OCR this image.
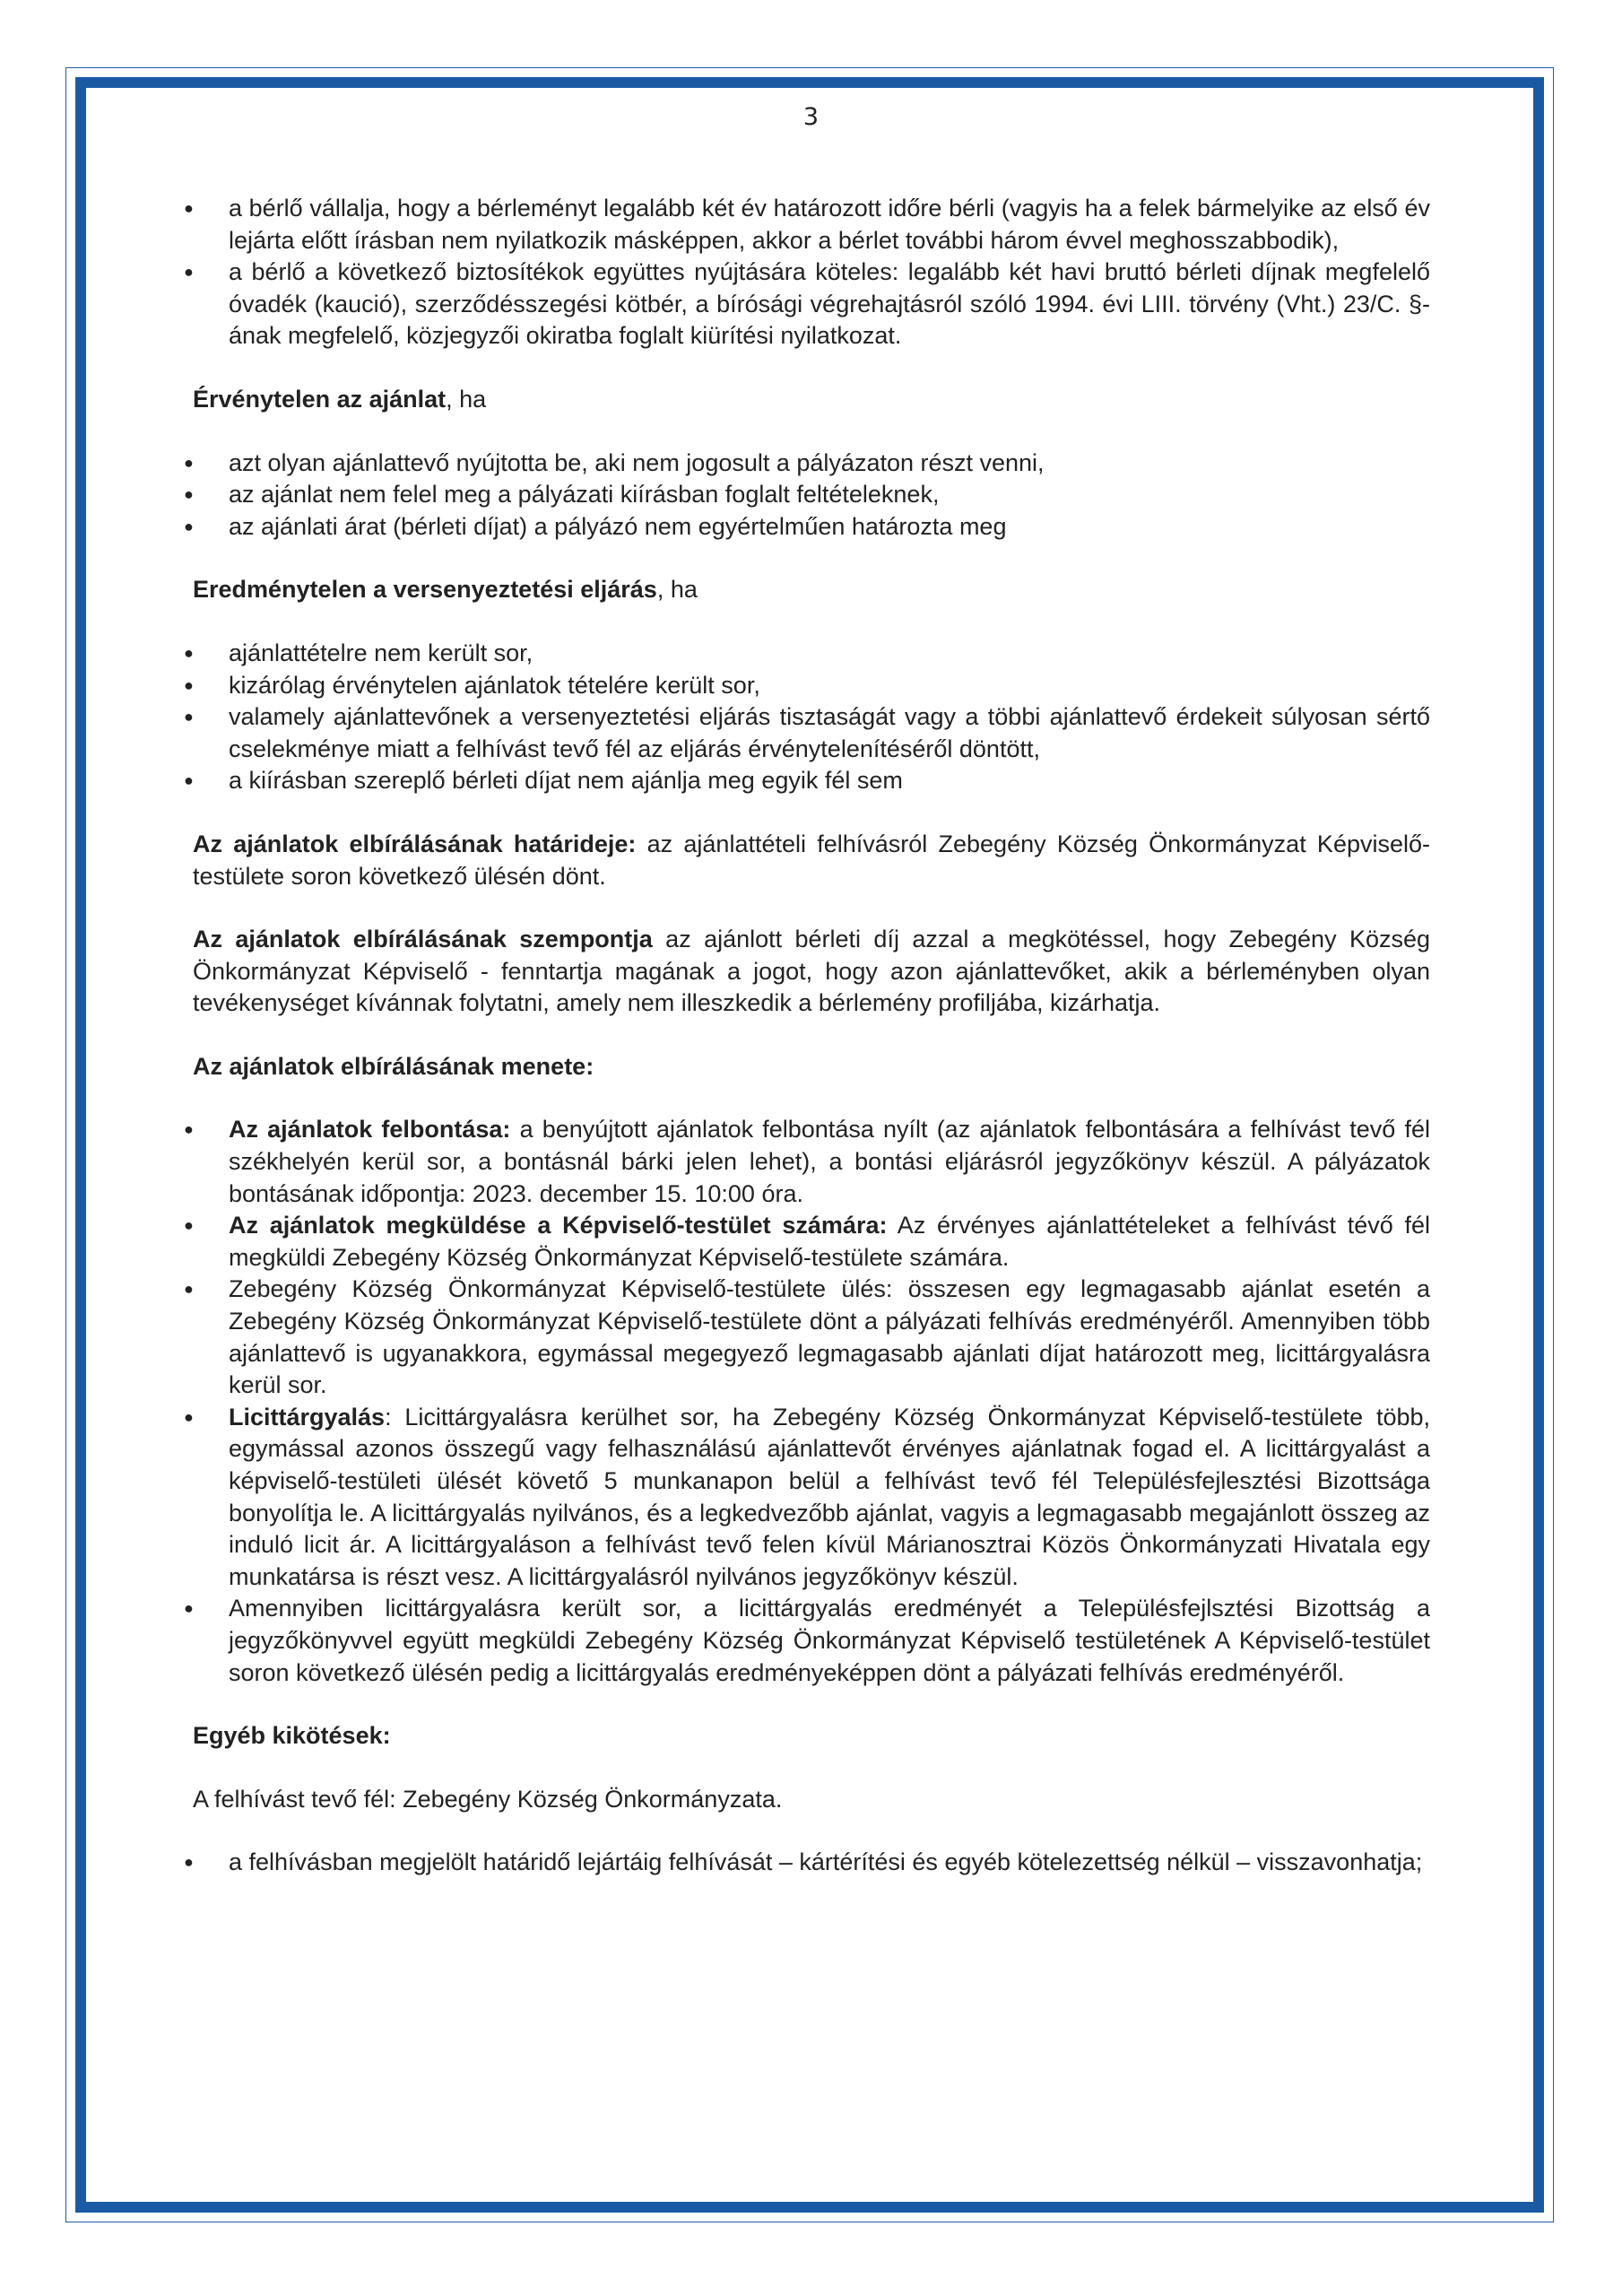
3
● a bérlő vállalja, hogy a bérleményt legalább két év határozott időre bérli (vagyis ha a felek bármelyike az első év lejárta előtt írásban nem nyilatkozik másképpen, akkor a bérlet további három évvel meghosszabbodik),
● a bérlő a következő biztosítékok együttes nyújtására köteles: legalább két havi bruttó bérleti díjnak megfelelő óvadék (kaució), szerződésszegési kötbér, a bírósági végrehajtásról szóló 1994. évi LIII. törvény (Vht.) 23/C. §-ának megfelelő, közjegyzői okiratba foglalt kiürítési nyilatkozat.

Érvénytelen az ajánlat, ha

● azt olyan ajánlattevő nyújtotta be, aki nem jogosult a pályázaton részt venni,
● az ajánlat nem felel meg a pályázati kiírásban foglalt feltételeknek,
● az ajánlati árat (bérleti díjat) a pályázó nem egyértelműen határozta meg

Eredménytelen a versenyeztetési eljárás, ha

● ajánlattételre nem került sor,
● kizárólag érvénytelen ajánlatok tételére került sor,
● valamely ajánlattevőnek a versenyeztetési eljárás tisztaságát vagy a többi ajánlattevő érdekeit súlyosan sértő cselekménye miatt a felhívást tevő fél az eljárás érvénytelenítéséről döntött,
● a kiírásban szereplő bérleti díjat nem ajánlja meg egyik fél sem

Az ajánlatok elbírálásának határideje: az ajánlattételi felhívásról Zebegény Község Önkormányzat Képviselő-testülete soron következő ülésén dönt.

Az ajánlatok elbírálásának szempontja az ajánlott bérleti díj azzal a megkötéssel, hogy Zebegény Község Önkormányzat Képviselő - fenntartja magának a jogot, hogy azon ajánlattevőket, akik a bérleményben olyan tevékenységet kívánnak folytatni, amely nem illeszkedik a bérlemény profiljába, kizárhatja.

Az ajánlatok elbírálásának menete:

● Az ajánlatok felbontása: a benyújtott ajánlatok felbontása nyílt (az ajánlatok felbontására a felhívást tevő fél székhelyén kerül sor, a bontásnál bárki jelen lehet), a bontási eljárásról jegyzőkönyv készül. A pályázatok bontásának időpontja: 2023. december 15. 10:00 óra.
● Az ajánlatok megküldése a Képviselő-testület számára: Az érvényes ajánlattételeket a felhívást tévő fél megküldi Zebegény Község Önkormányzat Képviselő-testülete számára.
● Zebegény Község Önkormányzat Képviselő-testülete ülés: összesen egy legmagasabb ajánlat esetén a Zebegény Község Önkormányzat Képviselő-testülete dönt a pályázati felhívás eredményéről. Amennyiben több ajánlattevő is ugyanakkora, egymással megegyező legmagasabb ajánlati díjat határozott meg, licittárgyalásra kerül sor.
● Licittárgyalás: Licittárgyalásra kerülhet sor, ha Zebegény Község Önkormányzat Képviselő-testülete több, egymással azonos összegű vagy felhasználású ajánlattevőt érvényes ajánlatnak fogad el. A licittárgyalást a képviselő-testületi ülését követő 5 munkanapon belül a felhívást tevő fél Településfejlesztési Bizottsága bonyolítja le. A licittárgyalás nyilvános, és a legkedvezőbb ajánlat, vagyis a legmagasabb megajánlott összeg az induló licit ár. A licittárgyaláson a felhívást tevő felen kívül Márianosztrai Közös Önkormányzati Hivatala egy munkatársa is részt vesz. A licittárgyalásról nyilvános jegyzőkönyv készül.
● Amennyiben licittárgyalásra került sor, a licittárgyalás eredményét a Településfejlsztési Bizottság a jegyzőkönyvvel együtt megküldi Zebegény Község Önkormányzat Képviselő testületének A Képviselő-testület soron következő ülésén pedig a licittárgyalás eredményeképpen dönt a pályázati felhívás eredményéről.

Egyéb kikötések:

A felhívást tevő fél: Zebegény Község Önkormányzata.

● a felhívásban megjelölt határidő lejártáig felhívását – kártérítési és egyéb kötelezettség nélkül – visszavonhatja;
